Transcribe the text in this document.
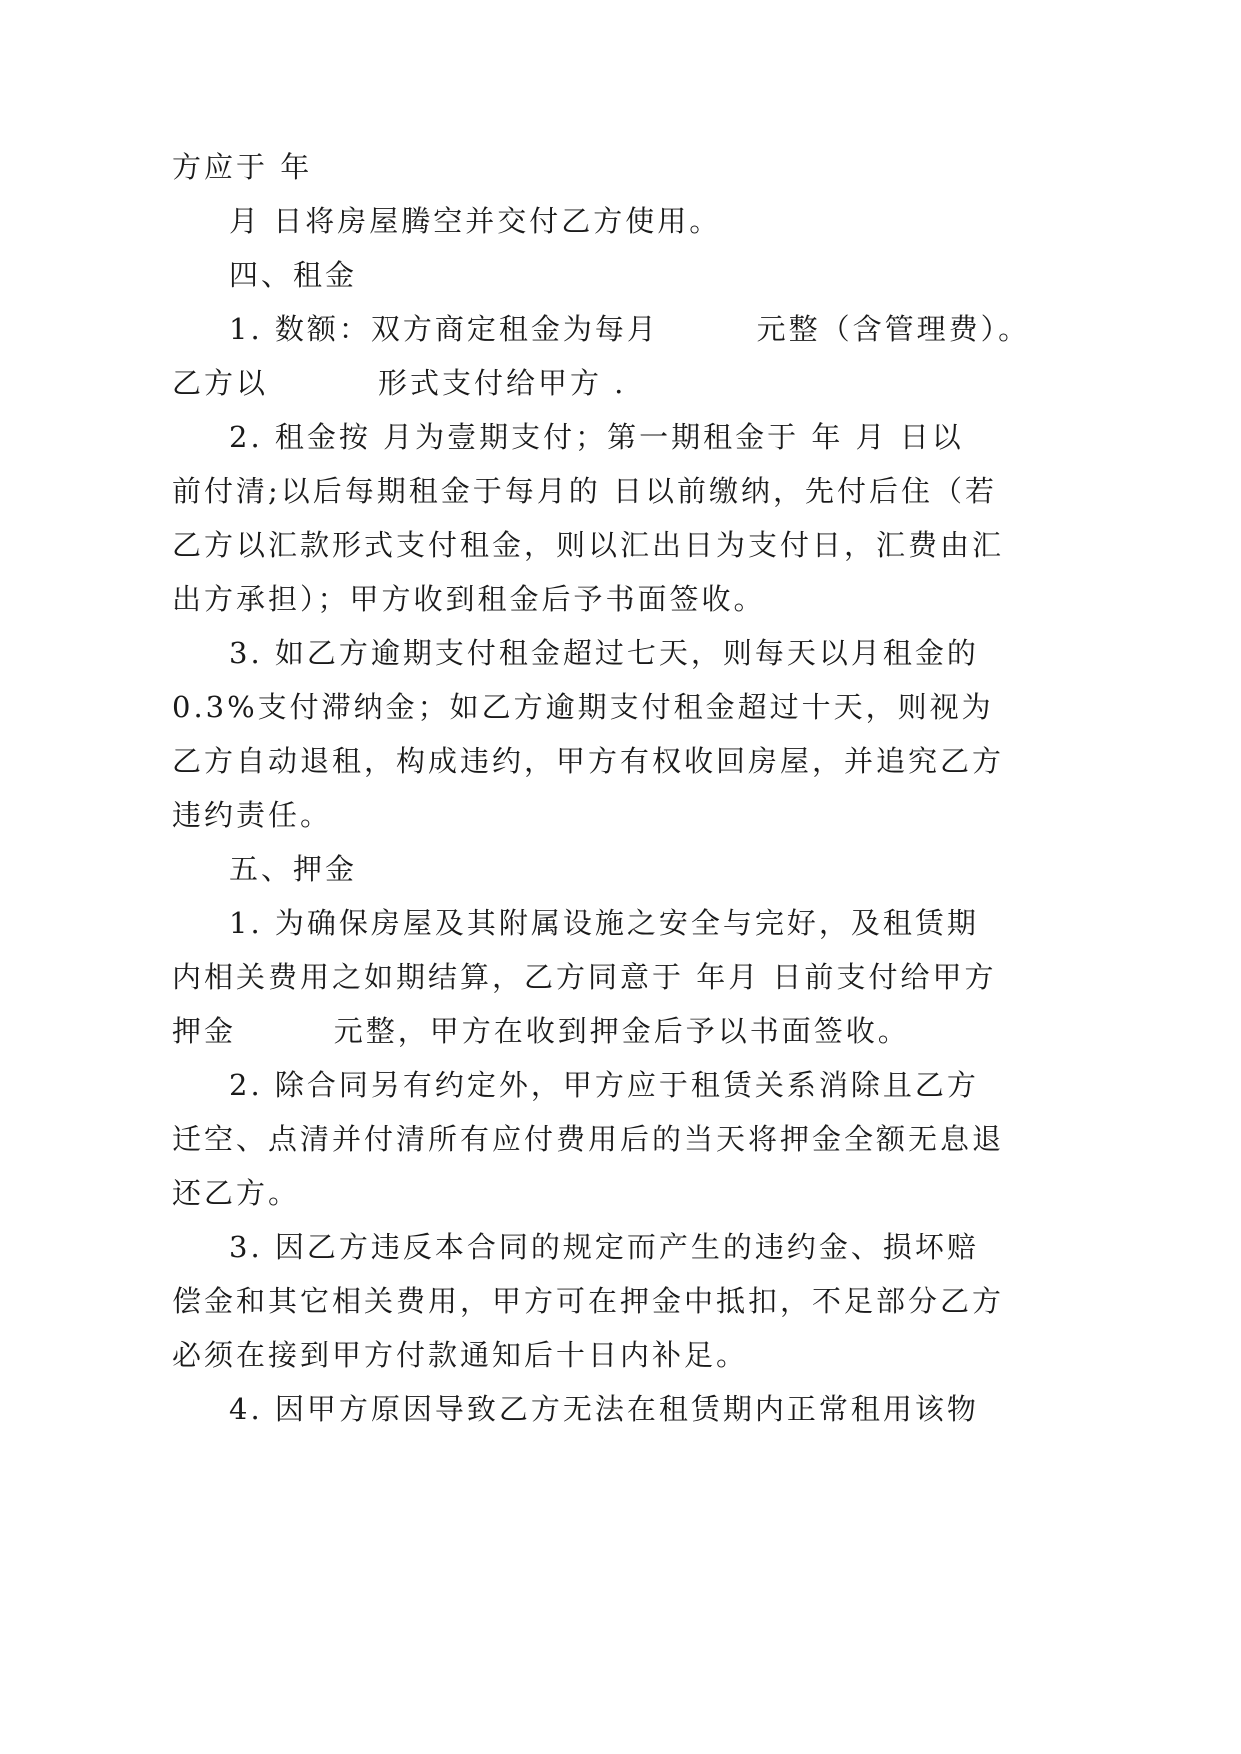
方应于 年

月 日将房屋腾空并交付乙方使用。

四、租金

1. 数额：双方商定租金为每月        元整（含管理费）。

乙方以         形式支付给甲方 .

2. 租金按 月为壹期支付；第一期租金于 年 月 日以

前付清;以后每期租金于每月的 日以前缴纳，先付后住（若

乙方以汇款形式支付租金，则以汇出日为支付日，汇费由汇

出方承担）；甲方收到租金后予书面签收。

3. 如乙方逾期支付租金超过七天，则每天以月租金的

0.3%支付滞纳金；如乙方逾期支付租金超过十天，则视为

乙方自动退租，构成违约，甲方有权收回房屋，并追究乙方

违约责任。

五、押金

1. 为确保房屋及其附属设施之安全与完好，及租赁期

内相关费用之如期结算，乙方同意于 年月 日前支付给甲方

押金        元整，甲方在收到押金后予以书面签收。

2. 除合同另有约定外，甲方应于租赁关系消除且乙方

迁空、点清并付清所有应付费用后的当天将押金全额无息退

还乙方。

3. 因乙方违反本合同的规定而产生的违约金、损坏赔

偿金和其它相关费用，甲方可在押金中抵扣，不足部分乙方

必须在接到甲方付款通知后十日内补足。

4. 因甲方原因导致乙方无法在租赁期内正常租用该物
